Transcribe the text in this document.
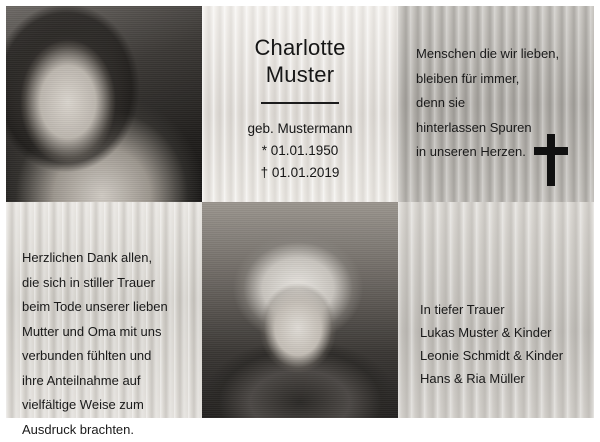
Charlotte
Muster
geb. Mustermann
* 01.01.1950
† 01.01.2019
Menschen die wir lieben,
bleiben für immer,
denn sie
hinterlassen Spuren
in unseren Herzen.
Herzlichen Dank allen,
die sich in stiller Trauer
beim Tode unserer lieben
Mutter und Oma mit uns
verbunden fühlten und
ihre Anteilnahme auf
vielfältige Weise zum
Ausdruck brachten.
In tiefer Trauer
Lukas Muster & Kinder
Leonie Schmidt & Kinder
Hans & Ria Müller
